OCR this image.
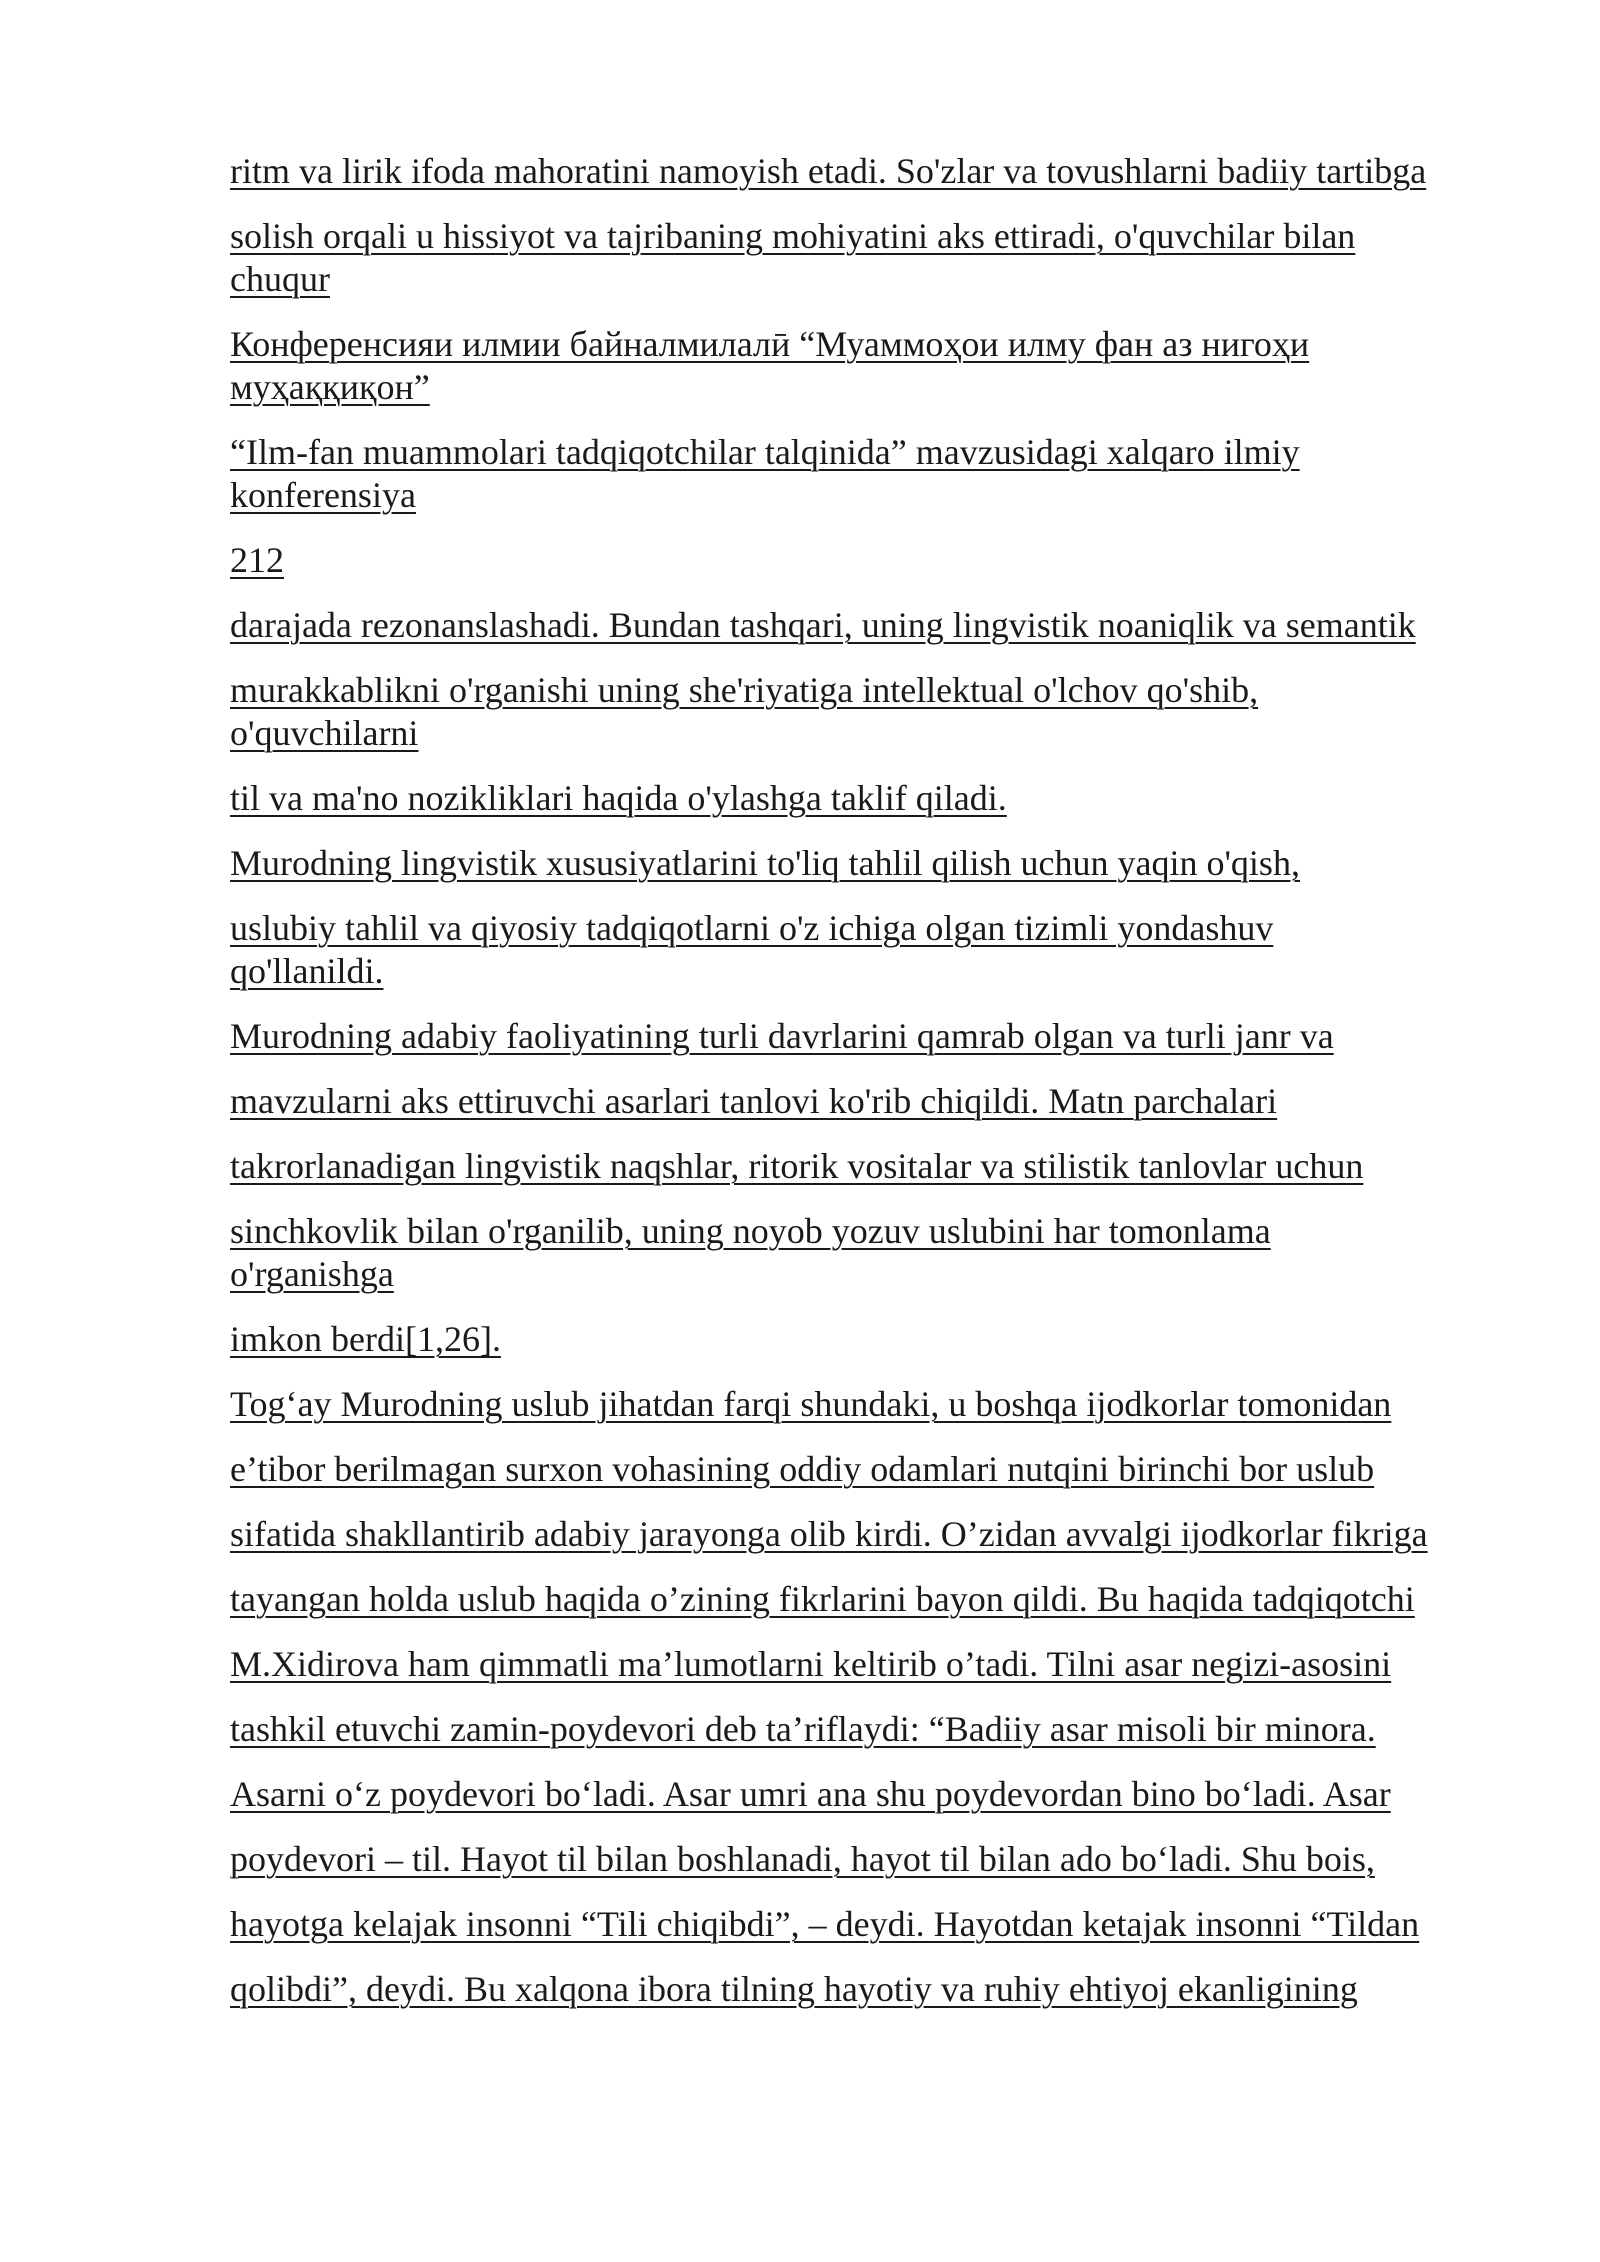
ritm va lirik ifoda mahoratini namoyish etadi. So'zlar va tovushlarni badiiy tartibga

solish orqali u hissiyot va tajribaning mohiyatini aks ettiradi, o'quvchilar bilan chuqur

Конференсияи илмии байналмилалӣ “Муаммоҳои илму фан аз нигоҳи муҳаққиқон”

“Ilm-fan muammolari tadqiqotchilar talqinida” mavzusidagi xalqaro ilmiy konferensiya

212

darajada rezonanslashadi. Bundan tashqari, uning lingvistik noaniqlik va semantik

murakkablikni o'rganishi uning she'riyatiga intellektual o'lchov qo'shib, o'quvchilarni

til va ma'no nozikliklari haqida o'ylashga taklif qiladi.

Murodning lingvistik xususiyatlarini to'liq tahlil qilish uchun yaqin o'qish,

uslubiy tahlil va qiyosiy tadqiqotlarni o'z ichiga olgan tizimli yondashuv qo'llanildi.

Murodning adabiy faoliyatining turli davrlarini qamrab olgan va turli janr va

mavzularni aks ettiruvchi asarlari tanlovi ko'rib chiqildi. Matn parchalari

takrorlanadigan lingvistik naqshlar, ritorik vositalar va stilistik tanlovlar uchun

sinchkovlik bilan o'rganilib, uning noyob yozuv uslubini har tomonlama o'rganishga

imkon berdi[1,26].

Tog‘ay Murodning uslub jihatdan farqi shundaki, u boshqa ijodkorlar tomonidan

e’tibor berilmagan surxon vohasining oddiy odamlari nutqini birinchi bor uslub

sifatida shakllantirib adabiy jarayonga olib kirdi. O’zidan avvalgi ijodkorlar fikriga

tayangan holda uslub haqida o’zining fikrlarini bayon qildi. Bu haqida tadqiqotchi

M.Xidirova ham qimmatli ma’lumotlarni keltirib o’tadi. Tilni asar negizi-asosini

tashkil etuvchi zamin-poydevori deb ta’riflaydi: “Badiiy asar misoli bir minora.

Asarni o‘z poydevori bo‘ladi. Asar umri ana shu poydevordan bino bo‘ladi. Asar

poydevori – til. Hayot til bilan boshlanadi, hayot til bilan ado bo‘ladi. Shu bois,

hayotga kelajak insonni “Tili chiqibdi”, – deydi. Hayotdan ketajak insonni “Tildan

qolibdi”, deydi. Bu xalqona ibora tilning hayotiy va ruhiy ehtiyoj ekanligining
